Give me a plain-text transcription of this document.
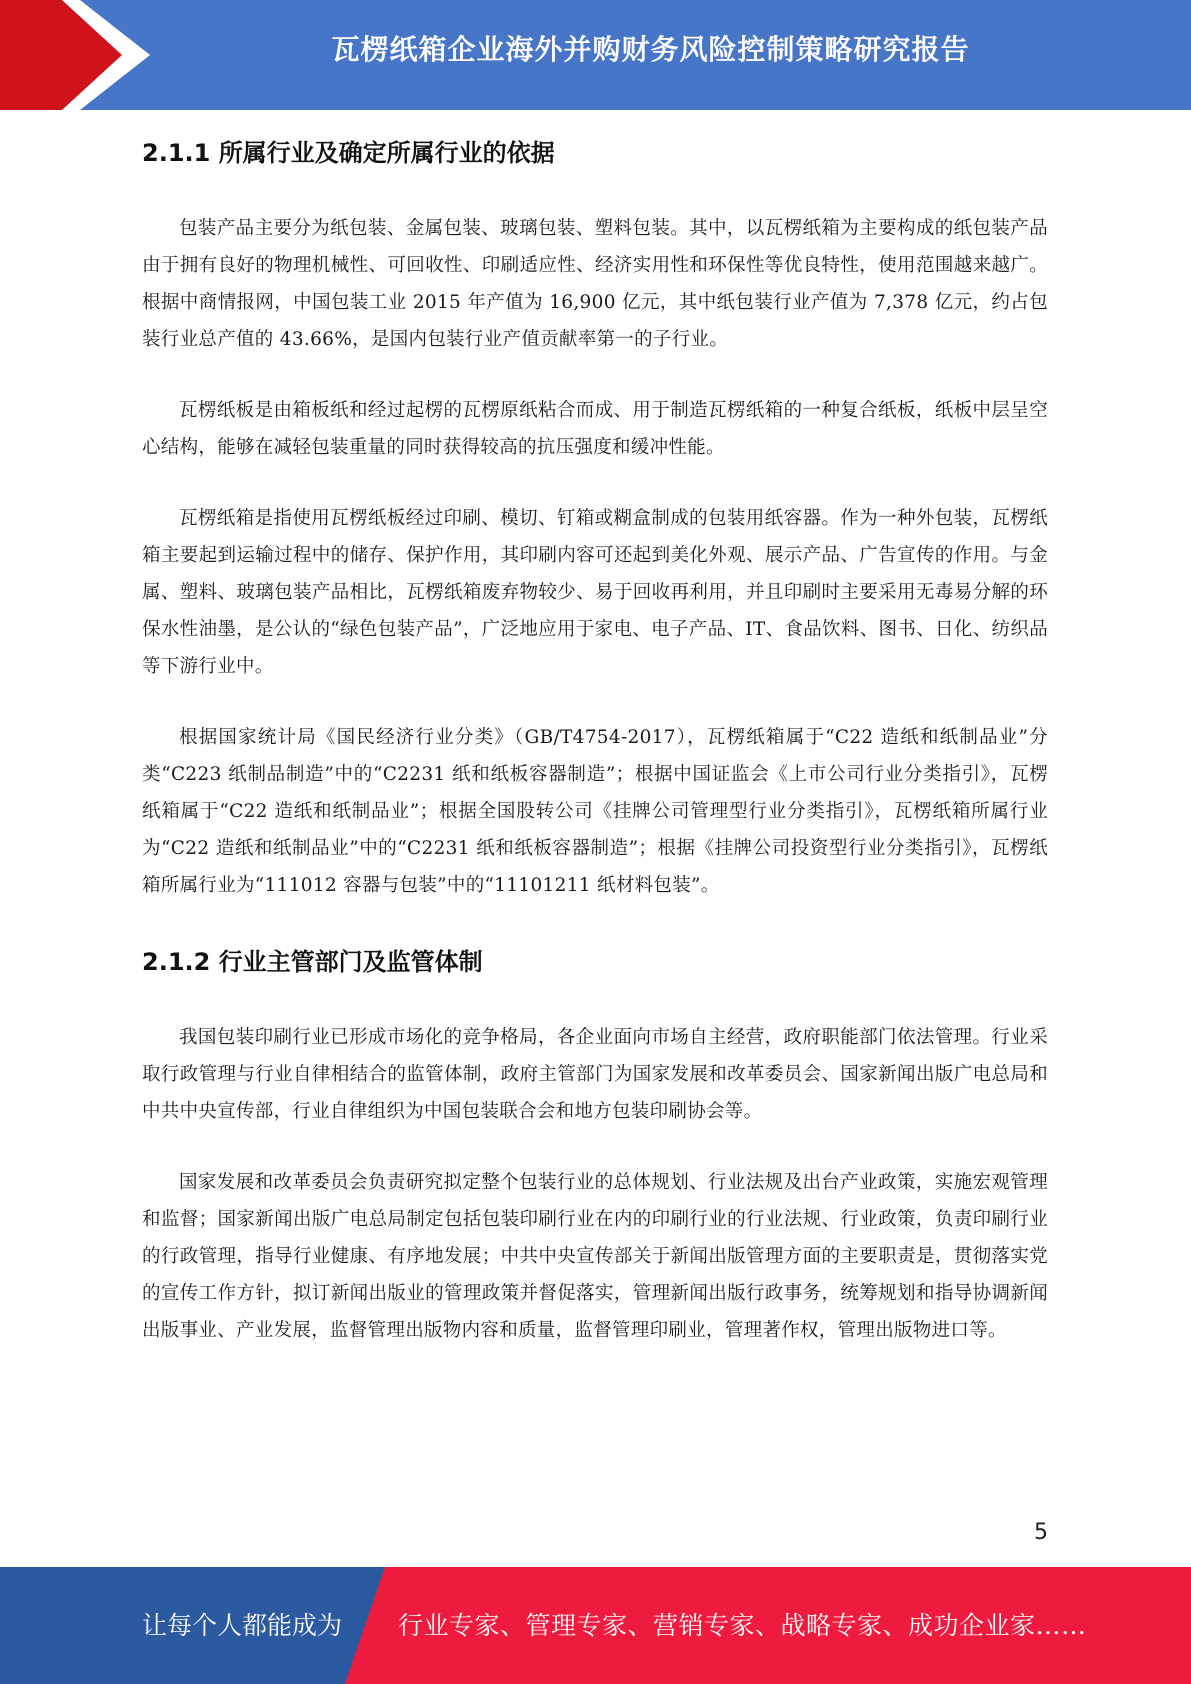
瓦楞纸箱企业海外并购财务风险控制策略研究报告
2.1.1 所属行业及确定所属行业的依据

包装产品主要分为纸包装、金属包装、玻璃包装、塑料包装。其中，以瓦楞纸箱为主要构成的纸包装产品由于拥有良好的物理机械性、可回收性、印刷适应性、经济实用性和环保性等优良特性，使用范围越来越广。根据中商情报网，中国包装工业 2015 年产值为 16,900 亿元，其中纸包装行业产值为 7,378 亿元，约占包装行业总产值的 43.66%，是国内包装行业产值贡献率第一的子行业。

瓦楞纸板是由箱板纸和经过起楞的瓦楞原纸粘合而成、用于制造瓦楞纸箱的一种复合纸板，纸板中层呈空心结构，能够在减轻包装重量的同时获得较高的抗压强度和缓冲性能。

瓦楞纸箱是指使用瓦楞纸板经过印刷、模切、钉箱或糊盒制成的包装用纸容器。作为一种外包装，瓦楞纸箱主要起到运输过程中的储存、保护作用，其印刷内容可还起到美化外观、展示产品、广告宣传的作用。与金属、塑料、玻璃包装产品相比，瓦楞纸箱废弃物较少、易于回收再利用，并且印刷时主要采用无毒易分解的环保水性油墨，是公认的“绿色包装产品”，广泛地应用于家电、电子产品、IT、食品饮料、图书、日化、纺织品等下游行业中。

根据国家统计局《国民经济行业分类》（GB/T4754-2017），瓦楞纸箱属于“C22 造纸和纸制品业”分类“C223 纸制品制造”中的“C2231 纸和纸板容器制造”；根据中国证监会《上市公司行业分类指引》，瓦楞纸箱属于“C22 造纸和纸制品业”；根据全国股转公司《挂牌公司管理型行业分类指引》，瓦楞纸箱所属行业为“C22 造纸和纸制品业”中的“C2231 纸和纸板容器制造”；根据《挂牌公司投资型行业分类指引》，瓦楞纸箱所属行业为“111012 容器与包装”中的“11101211 纸材料包装”。

2.1.2 行业主管部门及监管体制

我国包装印刷行业已形成市场化的竞争格局，各企业面向市场自主经营，政府职能部门依法管理。行业采取行政管理与行业自律相结合的监管体制，政府主管部门为国家发展和改革委员会、国家新闻出版广电总局和中共中央宣传部，行业自律组织为中国包装联合会和地方包装印刷协会等。

国家发展和改革委员会负责研究拟定整个包装行业的总体规划、行业法规及出台产业政策，实施宏观管理和监督；国家新闻出版广电总局制定包括包装印刷行业在内的印刷行业的行业法规、行业政策，负责印刷行业的行政管理，指导行业健康、有序地发展；中共中央宣传部关于新闻出版管理方面的主要职责是，贯彻落实党的宣传工作方针，拟订新闻出版业的管理政策并督促落实，管理新闻出版行政事务，统筹规划和指导协调新闻出版事业、产业发展，监督管理出版物内容和质量，监督管理印刷业，管理著作权，管理出版物进口等。

5
让每个人都能成为 行业专家、管理专家、营销专家、战略专家、成功企业家……
